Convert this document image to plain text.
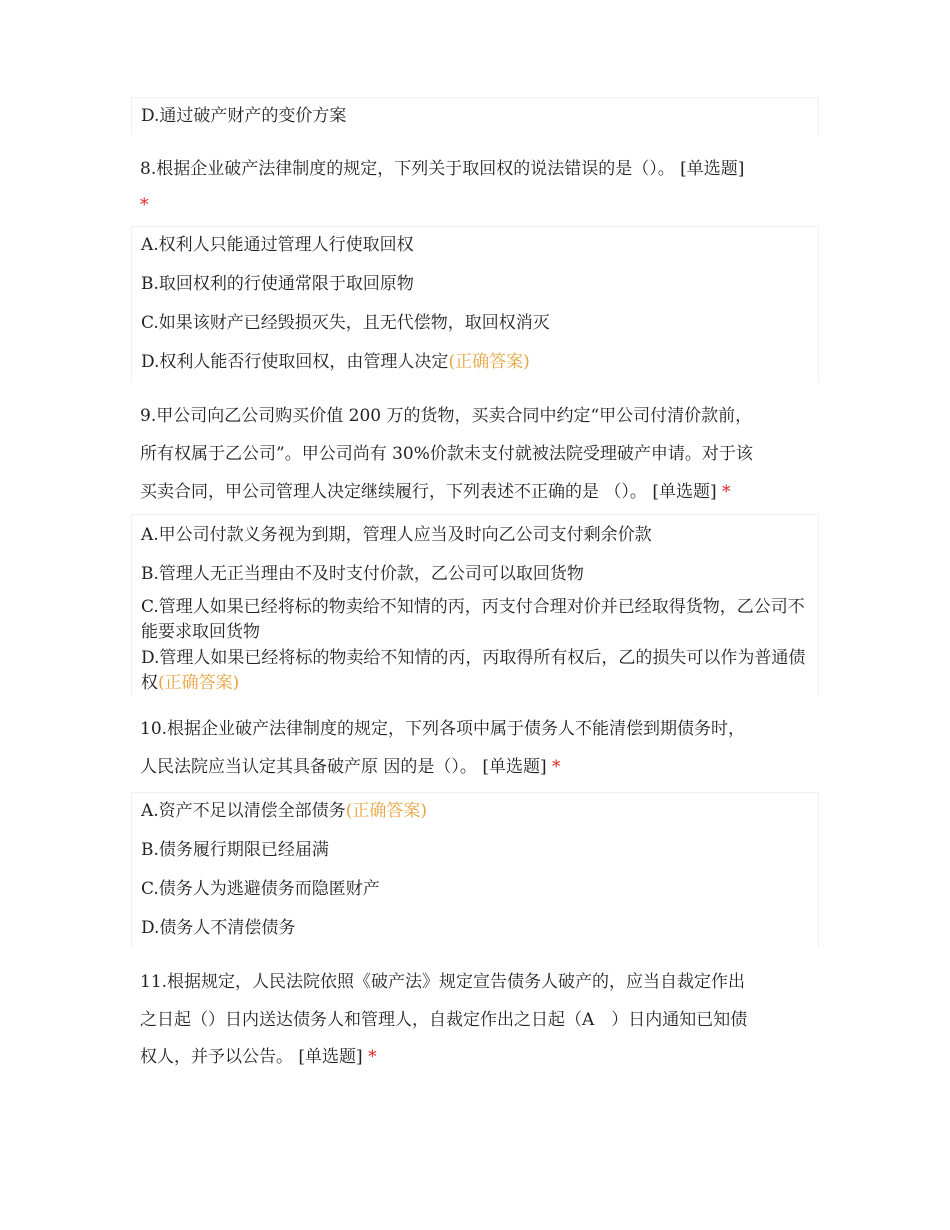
D.通过破产财产的变价方案
8.根据企业破产法律制度的规定，下列关于取回权的说法错误的是（）。 [单选题]
*
A.权利人只能通过管理人行使取回权
B.取回权利的行使通常限于取回原物
C.如果该财产已经毁损灭失，且无代偿物，取回权消灭
D.权利人能否行使取回权，由管理人决定(正确答案)
9.甲公司向乙公司购买价值 200 万的货物，买卖合同中约定“甲公司付清价款前，
所有权属于乙公司”。甲公司尚有 30%价款未支付就被法院受理破产申请。对于该
买卖合同，甲公司管理人决定继续履行，下列表述不正确的是 （）。 [单选题] *
A.甲公司付款义务视为到期，管理人应当及时向乙公司支付剩余价款
B.管理人无正当理由不及时支付价款，乙公司可以取回货物
C.管理人如果已经将标的物卖给不知情的丙，丙支付合理对价并已经取得货物，乙公司不能要求取回货物
D.管理人如果已经将标的物卖给不知情的丙，丙取得所有权后，乙的损失可以作为普通债权(正确答案)
10.根据企业破产法律制度的规定，下列各项中属于债务人不能清偿到期债务时，
人民法院应当认定其具备破产原 因的是（）。 [单选题] *
A.资产不足以清偿全部债务(正确答案)
B.债务履行期限已经届满
C.债务人为逃避债务而隐匿财产
D.债务人不清偿债务
11.根据规定，人民法院依照《破产法》规定宣告债务人破产的，应当自裁定作出
之日起（）日内送达债务人和管理人，自裁定作出之日起（A　）日内通知已知债
权人，并予以公告。 [单选题] *
